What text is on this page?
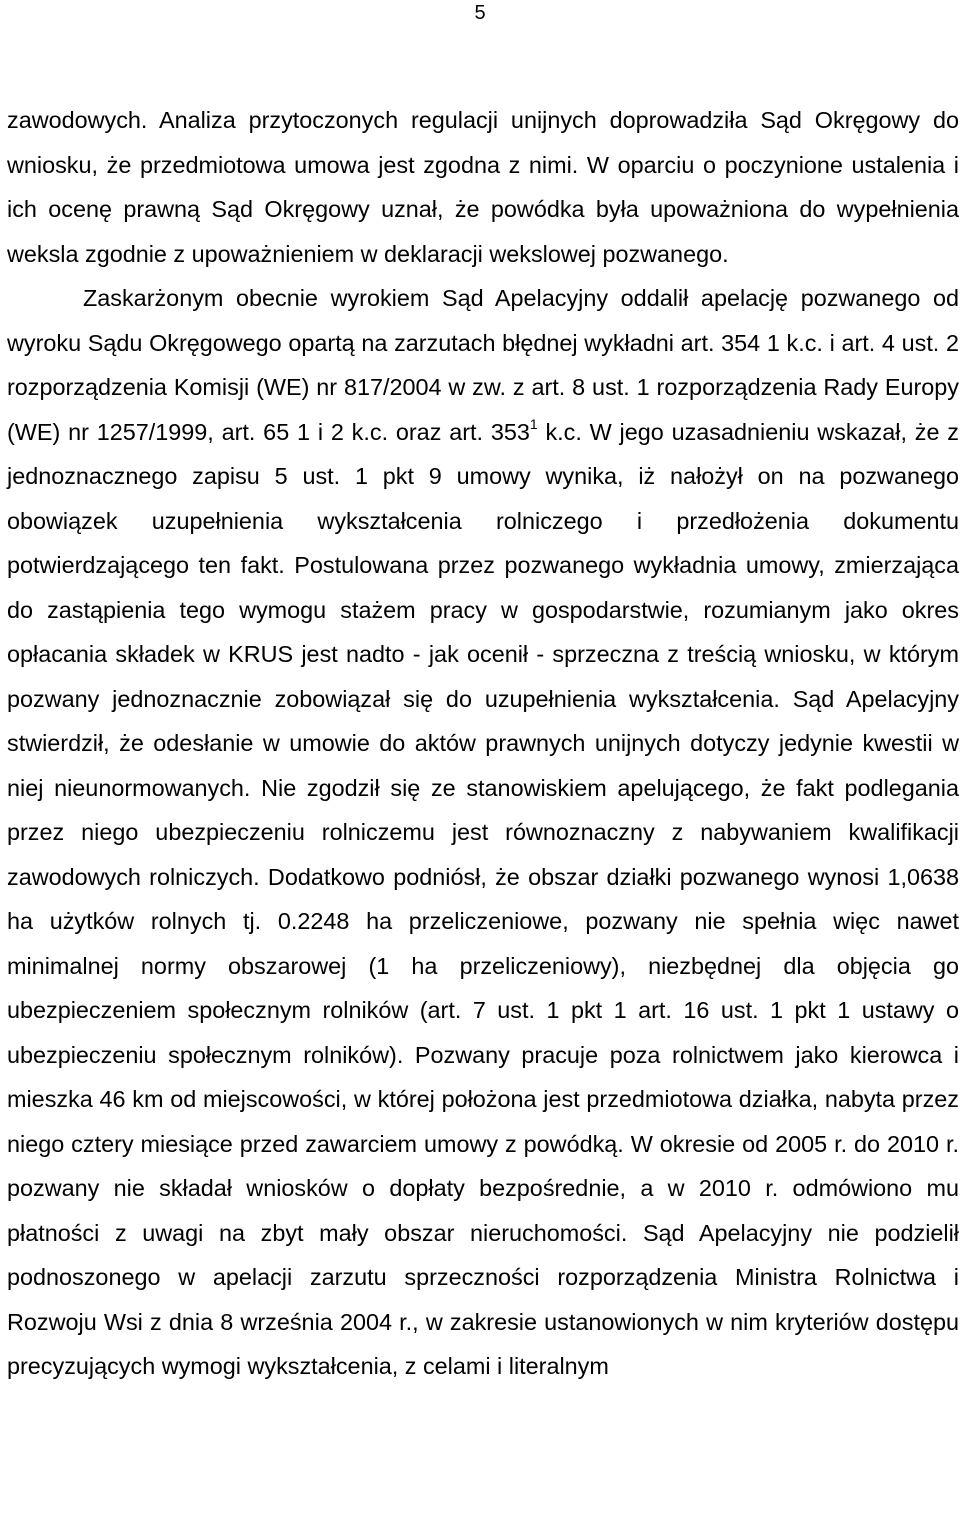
5

zawodowych. Analiza przytoczonych regulacji unijnych doprowadziła Sąd Okręgowy do wniosku, że przedmiotowa umowa jest zgodna z nimi. W oparciu o poczynione ustalenia i ich ocenę prawną Sąd Okręgowy uznał, że powódka była upoważniona do wypełnienia weksla zgodnie z upoważnieniem w deklaracji wekslowej pozwanego.

Zaskarżonym obecnie wyrokiem Sąd Apelacyjny oddalił apelację pozwanego od wyroku Sądu Okręgowego opartą na zarzutach błędnej wykładni art. 354 1 k.c. i art. 4 ust. 2 rozporządzenia Komisji (WE) nr 817/2004 w zw. z art. 8 ust. 1 rozporządzenia Rady Europy (WE) nr 1257/1999, art. 65 1 i 2 k.c. oraz art. $353^1$ k.c. W jego uzasadnieniu wskazał, że z jednoznacznego zapisu 5 ust. 1 pkt 9 umowy wynika, iż nałożył on na pozwanego obowiązek uzupełnienia wykształcenia rolniczego i przedłożenia dokumentu potwierdzającego ten fakt. Postulowana przez pozwanego wykładnia umowy, zmierzająca do zastąpienia tego wymogu stażem pracy w gospodarstwie, rozumianym jako okres opłacania składek w KRUS jest nadto - jak ocenił - sprzeczna z treścią wniosku, w którym pozwany jednoznacznie zobowiązał się do uzupełnienia wykształcenia. Sąd Apelacyjny stwierdził, że odesłanie w umowie do aktów prawnych unijnych dotyczy jedynie kwestii w niej nieunormowanych. Nie zgodził się ze stanowiskiem apelującego, że fakt podlegania przez niego ubezpieczeniu rolniczemu jest równoznaczny z nabywaniem kwalifikacji zawodowych rolniczych. Dodatkowo podniósł, że obszar działki pozwanego wynosi 1,0638 ha użytków rolnych tj. 0.2248 ha przeliczeniowe, pozwany nie spełnia więc nawet minimalnej normy obszarowej (1 ha przeliczeniowy), niezbędnej dla objęcia go ubezpieczeniem społecznym rolników (art. 7 ust. 1 pkt 1 art. 16 ust. 1 pkt 1 ustawy o ubezpieczeniu społecznym rolników). Pozwany pracuje poza rolnictwem jako kierowca i mieszka 46 km od miejscowości, w której położona jest przedmiotowa działka, nabyta przez niego cztery miesiące przed zawarciem umowy z powódką. W okresie od 2005 r. do 2010 r. pozwany nie składał wniosków o dopłaty bezpośrednie, a w 2010 r. odmówiono mu płatności z uwagi na zbyt mały obszar nieruchomości. Sąd Apelacyjny nie podzielił podnoszonego w apelacji zarzutu sprzeczności rozporządzenia Ministra Rolnictwa i Rozwoju Wsi z dnia 8 września 2004 r., w zakresie ustanowionych w nim kryteriów dostępu precyzujących wymogi wykształcenia, z celami i literalnym
